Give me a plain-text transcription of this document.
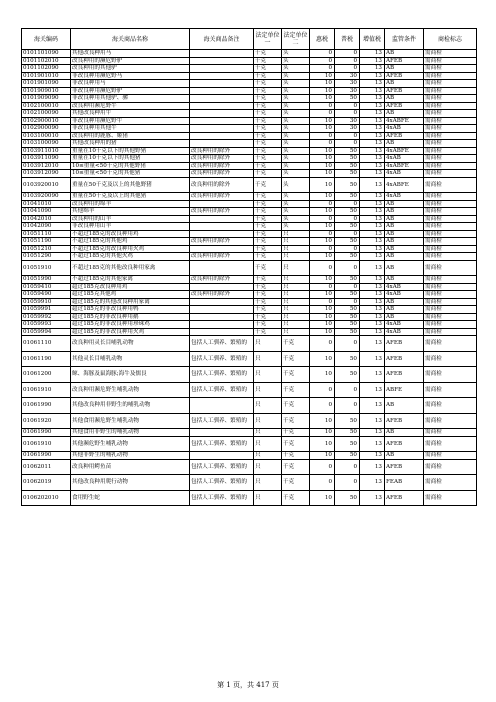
海关编码	海关商品名称	海关商品备注	法定单位一	法定单位二	惠税	普税	增值税	监管条件	商检标志
0101101090	其他改良种用马		千克	头	0	0	13	AB	需商检
0101102010	改良种用的濒危野驴		千克	头	0	0	13	AFEB	需商检
0101102090	改良种用的其他驴		千克	头	0	0	13	AB	需商检
0101901010	非改良种用濒危野马		千克	头	10	30	13	AFEB	需商检
0101901090	非改良种用马		千克	头	10	30	13	AB	需商检
0101909010	非改良种用濒危野驴		千克	头	10	30	13	AFEB	需商检
0101909090	非改良种用其他驴、骡		千克	头	10	50	13	AB	需商检
0102100010	改良种用濒危野牛		千克	头	0	0	13	AFEB	需商检
0102100090	其他改良种用牛		千克	头	0	0	13	AB	需商检
0102900010	非改良种用濒危野牛		千克	头	10	30	13	4xABFE	需商检
0102900090	非改良种用其他牛		千克	头	10	30	13	4xAB	需商检
0103100010	改良种用的鹿豚、姬猪		千克	头	0	0	13	AFEB	需商检
0103100090	其他改良种用的猪		千克	头	0	0	13	AB	需商检
0103911010	重量在10千克以下的其他野猪	改良种用的除外	千克	头	10	50	13	4xABFE	需商检
0103911090	重量在10千克以下的其他猪	改良种用的除外	千克	头	10	50	13	4xAB	需商检
0103912010	10≤重量<50千克的其他野猪	改良种用的除外	千克	头	10	50	13	4xABFE	需商检
0103912090	10≤重量<50千克的其他猪	改良种用的除外	千克	头	10	50	13	4xAB	需商检
0103920010	重量在50千克及以上的其他野猪	改良种用的除外	千克	头	10	50	13	4xABFE	需商检
0103920090	重量在50千克及以上的其他猪	改良种用的除外	千克	头	10	50	13	4xAB	需商检
01041010	改良种用的绵羊		千克	头	0	0	13	AB	需商检
01041090	其他绵羊	改良种用的除外	千克	头	10	50	13	AB	需商检
01042010	改良种用的山羊		千克	头	0	0	13	AB	需商检
01042090	非改良种用山羊		千克	头	10	50	13	AB	需商检
01051110	不超过185克的改良种用鸡		千克	只	0	0	13	AB	需商检
01051190	不超过185克的其他鸡	改良种用的除外	千克	只	10	50	13	AB	需商检
01051210	不超过185克的改良种用火鸡		千克	只	0	0	13	AB	需商检
01051290	不超过185克的其他火鸡	改良种用的除外	千克	只	10	50	13	AB	需商检
01051910	不超过185克的其他改良种用家禽		千克	只	0	0	13	AB	需商检
01051990	不超过185克的其他家禽	改良种用的除外	千克	只	10	50	13	AB	需商检
01059410	超过185克改良种用鸡		千克	只	0	0	13	4xAB	需商检
01059490	超过185克其他鸡	改良种用的除外	千克	只	10	50	13	4xAB	需商检
01059910	超过185克的其他改良种用家禽		千克	只	0	0	13	AB	需商检
01059991	超过185克的非改良种用鸭		千克	只	10	50	13	AB	需商检
01059992	超过185克的非改良种用鹅		千克	只	10	50	13	AB	需商检
01059993	超过185克的非改良种用珍珠鸡		千克	只	10	50	13	4xAB	需商检
01059994	超过185克的非改良种用火鸡		千克	只	10	50	13	4xAB	需商检
01061110	改良种用灵长目哺乳动物	包括人工驯养、繁殖的	只	千克	0	0	13	AFEB	需商检
01061190	其他灵长目哺乳动物	包括人工驯养、繁殖的	只	千克	10	50	13	AFEB	需商检
01061200	鲸、海豚及鼠海豚;海牛及儒艮	包括人工驯养、繁殖的	只	千克	10	50	13	AFEB	需商检
01061910	改良种用濒危野生哺乳动物	包括人工驯养、繁殖的	只	千克	0	0	13	ABFE	需商检
01061990	其他改良种用非野生的哺乳动物		只	千克	0	0	13	AB	需商检
01061920	其他食用濒危野生哺乳动物	包括人工驯养、繁殖的	只	千克	10	50	13	AFEB	需商检
01061990	其他食用非野生的哺乳动物		只	千克	10	50	13	AB	需商检
01061910	其他濒危野生哺乳动物	包括人工驯养、繁殖的	只	千克	10	50	13	AFEB	需商检
01061990	其他非野生的哺乳动物		只	千克	10	50	13	AB	需商检
01062011	改良种用鳄鱼苗	包括人工驯养、繁殖的	只	千克	0	0	13	AFEB	需商检
01062019	其他改良种用爬行动物	包括人工驯养、繁殖的	只	千克	0	0	13	FEAB	需商检
0106202010	食用野生蛇	包括人工驯养、繁殖的	只	千克	10	50	13	AFEB	需商检
第 1 页，共 417 页
